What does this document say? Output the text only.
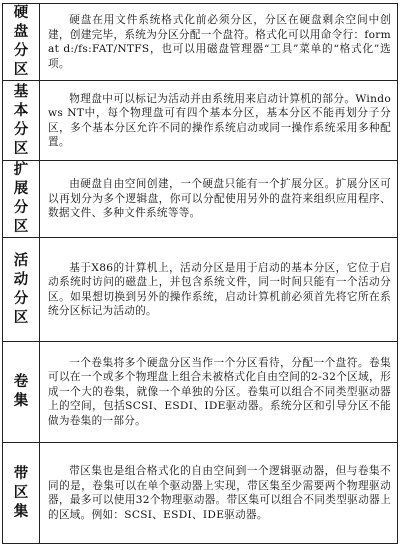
硬盘分区	硬盘在用文件系统格式化前必须分区，分区在硬盘剩余空间中创建，创建完毕，系统为分区分配一个盘符。格式化可以用命令行：format d:/fs:FAT/NTFS，也可以用磁盘管理器“工具”菜单的“格式化”选项。

基本分区	物理盘中可以标记为活动并由系统用来启动计算机的部分。Windows NT中，每个物理盘可有四个基本分区，基本分区不能再划分子分区，多个基本分区允许不同的操作系统启动或同一操作系统采用多种配置。

扩展分区	由硬盘自由空间创建，一个硬盘只能有一个扩展分区。扩展分区可以再划分为多个逻辑盘，你可以分配使用另外的盘符来组织应用程序、数据文件、多种文件系统等等。

活动分区	基于X86的计算机上，活动分区是用于启动的基本分区，它位于启动系统时访问的磁盘上，并包含系统文件，同一时间只能有一个活动分区。如果想切换到另外的操作系统，启动计算机前必须首先将它所在系统分区标记为活动的。

卷集	一个卷集将多个硬盘分区当作一个分区看待，分配一个盘符。卷集可以在一个或多个物理盘上组合未被格式化自由空间的2-32个区域，形成一个大的卷集，就像一个单独的分区。卷集可以组合不同类型驱动器上的空间，包括SCSI、ESDI、IDE驱动器。系统分区和引导分区不能做为卷集的一部分。

带区集	带区集也是组合格式化的自由空间到一个逻辑驱动器，但与卷集不同的是，卷集可以在单个驱动器上实现，带区集至少需要两个物理驱动器，最多可以使用32个物理驱动器。带区集可以组合不同类型驱动器上的区域。例如：SCSI、ESDI、IDE驱动器。
